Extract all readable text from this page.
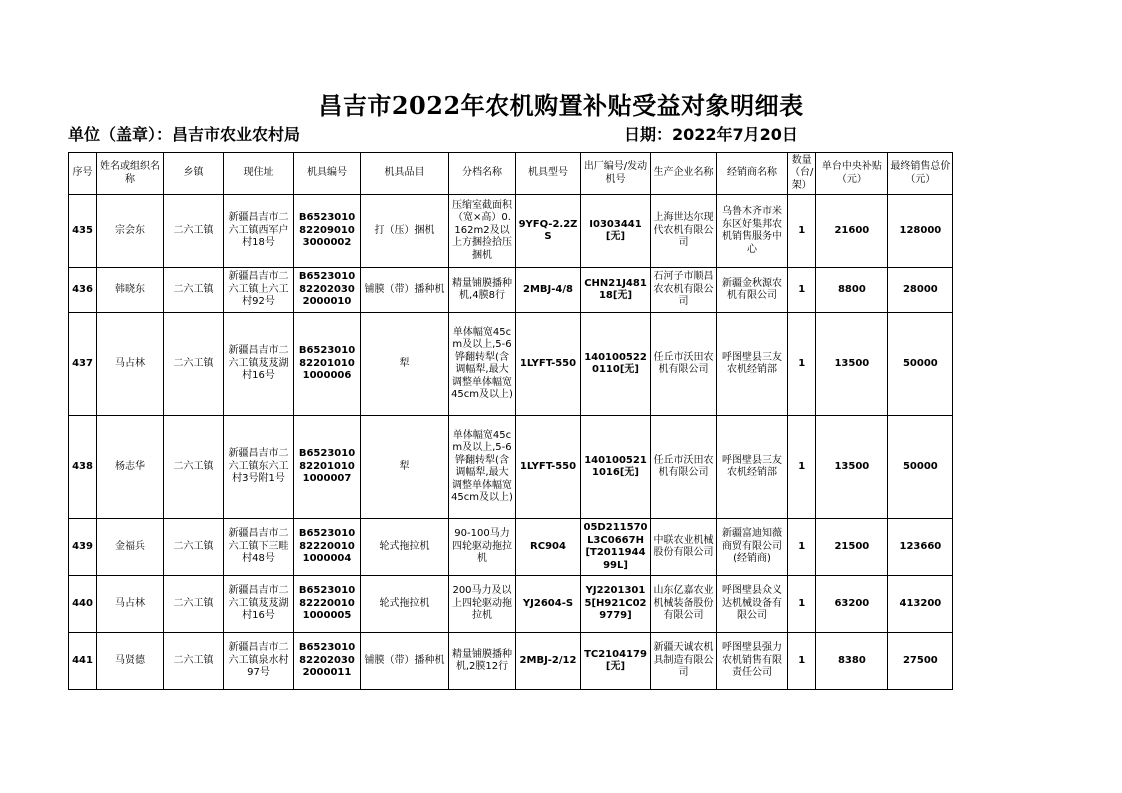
昌吉市2022年农机购置补贴受益对象明细表
单位（盖章）：昌吉市农业农村局	日期：2022年7月20日
序号	姓名或组织名称	乡镇	现住址	机具编号	机具品目	分档名称	机具型号	出厂编号/发动机号	生产企业名称	经销商名称	数量（台/架）	单台中央补贴（元）	最终销售总价（元）
435	宗会东	二六工镇	新疆昌吉市二六工镇西军户村18号	B6523010822090103000002	打（压）捆机	压缩室截面积（宽×高）0.162m2及以上方捆捡拾压捆机	9YFQ-2.2ZS	I0303441[无]	上海世达尔现代农机有限公司	乌鲁木齐市米东区好集邦农机销售服务中心	1	21600	128000
436	韩晓东	二六工镇	新疆昌吉市二六工镇上六工村92号	B6523010822020302000010	铺膜（带）播种机	精量铺膜播种机,4膜8行	2MBJ-4/8	CHN21J48118[无]	石河子市顺昌农农机有限公司	新疆金秋源农机有限公司	1	8800	28000
437	马占林	二六工镇	新疆昌吉市二六工镇芨芨湖村16号	B6523010822010101000006	犁	单体幅宽45cm及以上,5-6铧翻转犁(含调幅犁,最大调整单体幅宽45cm及以上)	1LYFT-550	1401005220110[无]	任丘市沃田农机有限公司	呼图壁县三友农机经销部	1	13500	50000
438	杨志华	二六工镇	新疆昌吉市二六工镇东六工村3号附1号	B6523010822010101000007	犁	单体幅宽45cm及以上,5-6铧翻转犁(含调幅犁,最大调整单体幅宽45cm及以上)	1LYFT-550	1401005211016[无]	任丘市沃田农机有限公司	呼图壁县三友农机经销部	1	13500	50000
439	金福兵	二六工镇	新疆昌吉市二六工镇下三畦村48号	B6523010822200101000004	轮式拖拉机	90-100马力四轮驱动拖拉机	RC904	05D211570L3C0667H[T201194499L]	中联农业机械股份有限公司	新疆富迪知薇商贸有限公司(经销商)	1	21500	123660
440	马占林	二六工镇	新疆昌吉市二六工镇芨芨湖村16号	B6523010822200101000005	轮式拖拉机	200马力及以上四轮驱动拖拉机	YJ2604-S	YJ22013015[H921C029779]	山东亿嘉农业机械装备股份有限公司	呼图壁县众义达机械设备有限公司	1	63200	413200
441	马贤德	二六工镇	新疆昌吉市二六工镇泉水村97号	B6523010822020302000011	铺膜（带）播种机	精量铺膜播种机,2膜12行	2MBJ-2/12	TC2104179[无]	新疆天诚农机具制造有限公司	呼图壁县强力农机销售有限责任公司	1	8380	27500
